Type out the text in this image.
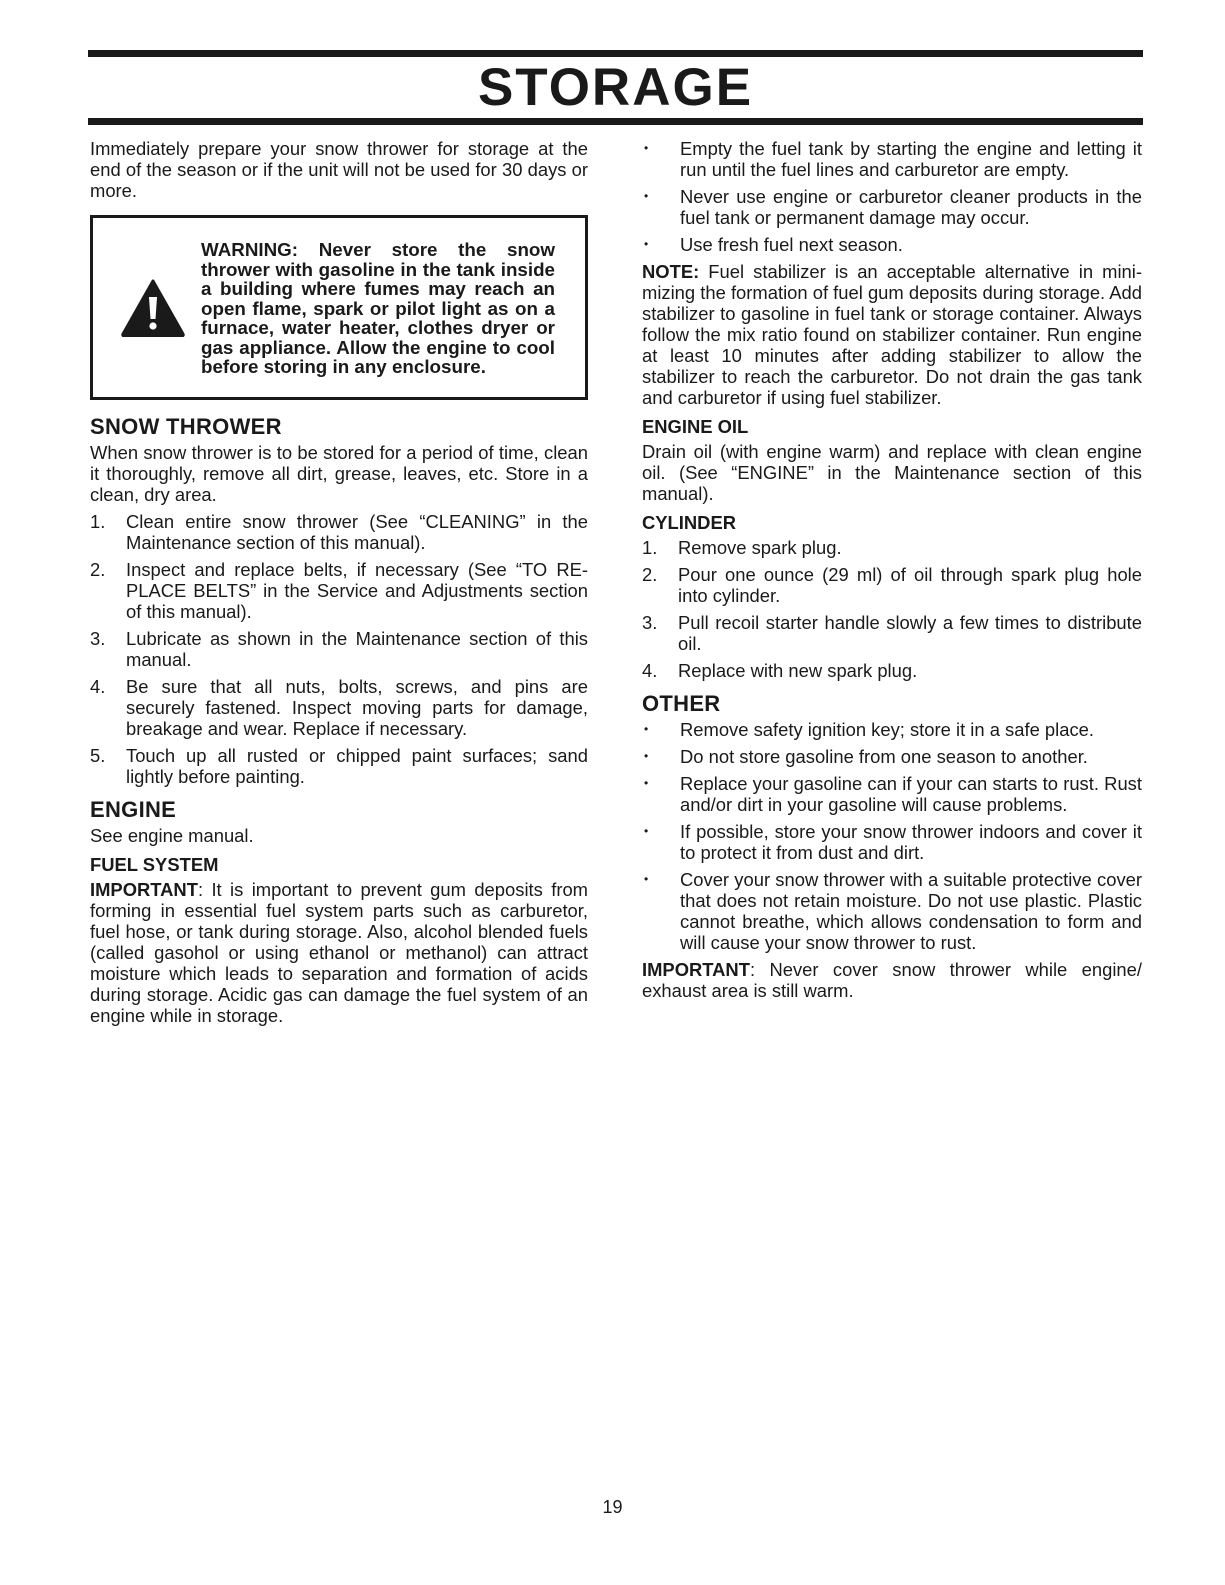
STORAGE

Immediately prepare your snow thrower for storage at the end of the season or if the unit will not be used for 30 days or more.

WARNING: Never store the snow thrower with gasoline in the tank inside a building where fumes may reach an open flame, spark or pilot light as on a furnace, water heater, clothes dryer or gas appliance. Allow the engine to cool before storing in any enclosure.
SNOW THROWER

When snow thrower is to be stored for a period of time, clean it thoroughly, remove all dirt, grease, leaves, etc. Store in a clean, dry area.

1.	Clean entire snow thrower (See “CLEANING” in the Maintenance section of this manual).
2.	Inspect and replace belts, if necessary (See “TO RE-PLACE BELTS” in the Service and Adjustments section of this manual).
3.	Lubricate as shown in the Maintenance section of this manual.
4.	Be sure that all nuts, bolts, screws, and pins are securely fastened. Inspect moving parts for damage, breakage and wear. Replace if necessary.
5.	Touch up all rusted or chipped paint surfaces; sand lightly before painting.
ENGINE

See engine manual.

FUEL SYSTEM

IMPORTANT: It is important to prevent gum deposits from forming in essential fuel system parts such as carburetor, fuel hose, or tank during storage. Also, alcohol blended fuels (called gasohol or using ethanol or methanol) can attract moisture which leads to separation and formation of acids during storage. Acidic gas can damage the fuel system of an engine while in storage.

•	Empty the fuel tank by starting the engine and letting it run until the fuel lines and carburetor are empty.
•	Never use engine or carburetor cleaner products in the fuel tank or permanent damage may occur.
•	Use fresh fuel next season.

NOTE: Fuel stabilizer is an acceptable alternative in mini-mizing the formation of fuel gum deposits during storage. Add stabilizer to gasoline in fuel tank or storage container. Always follow the mix ratio found on stabilizer container. Run engine at least 10 minutes after adding stabilizer to allow the stabilizer to reach the carburetor. Do not drain the gas tank and carburetor if using fuel stabilizer.

ENGINE OIL

Drain oil (with engine warm) and replace with clean engine oil. (See “ENGINE” in the Maintenance section of this manual).

CYLINDER
1.	Remove spark plug.
2.	Pour one ounce (29 ml) of oil through spark plug hole into cylinder.
3.	Pull recoil starter handle slowly a few times to distribute oil.
4.	Replace with new spark plug.
OTHER
•	Remove safety ignition key; store it in a safe place.
•	Do not store gasoline from one season to another.
•	Replace your gasoline can if your can starts to rust. Rust and/or dirt in your gasoline will cause problems.
•	If possible, store your snow thrower indoors and cover it to protect it from dust and dirt.
•	Cover your snow thrower with a suitable protective cover that does not retain moisture. Do not use plastic. Plastic cannot breathe, which allows condensation to form and will cause your snow thrower to rust.

IMPORTANT: Never cover snow thrower while engine/ exhaust area is still warm.

19
